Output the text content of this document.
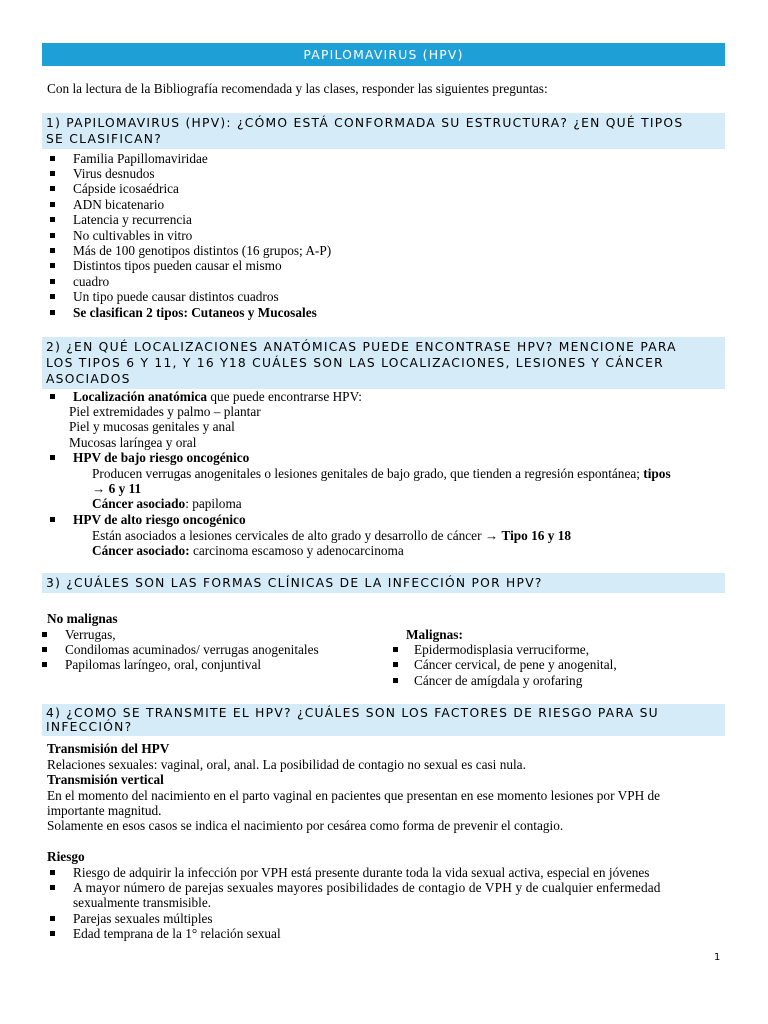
PAPILOMAVIRUS (HPV)
Con la lectura de la Bibliografía recomendada y las clases, responder las siguientes preguntas:
1) PAPILOMAVIRUS (HPV): ¿CÓMO ESTÁ CONFORMADA SU ESTRUCTURA? ¿EN QUÉ TIPOS
SE CLASIFICAN?
Familia Papillomaviridae
Virus desnudos
Cápside icosaédrica
ADN bicatenario
Latencia y recurrencia
No cultivables in vitro
Más de 100 genotipos distintos (16 grupos; A-P)
Distintos tipos pueden causar el mismo
cuadro
Un tipo puede causar distintos cuadros
Se clasifican 2 tipos: Cutaneos y Mucosales
2) ¿EN QUÉ LOCALIZACIONES ANATÓMICAS PUEDE ENCONTRASE HPV? MENCIONE PARA
LOS TIPOS 6 Y 11, Y 16 Y18 CUÁLES SON LAS LOCALIZACIONES, LESIONES Y CÁNCER
ASOCIADOS
Localización anatómica que puede encontrarse HPV:
Piel extremidades y palmo – plantar
Piel y mucosas genitales y anal
Mucosas laríngea y oral
HPV de bajo riesgo oncogénico
Producen verrugas anogenitales o lesiones genitales de bajo grado, que tienden a regresión espontánea; tipos
→ 6 y 11
Cáncer asociado: papiloma
HPV de alto riesgo oncogénico
Están asociados a lesiones cervicales de alto grado y desarrollo de cáncer → Tipo 16 y 18
Cáncer asociado: carcinoma escamoso y adenocarcinoma
3) ¿CUÁLES SON LAS FORMAS CLÍNICAS DE LA INFECCIÓN POR HPV?
No malignas
Verrugas,
Condilomas acuminados/ verrugas anogenitales
Papilomas laríngeo, oral, conjuntival
Malignas:
Epidermodisplasia verruciforme,
Cáncer cervical, de pene y anogenital,
Cáncer de amígdala y orofaring
4) ¿COMO SE TRANSMITE EL HPV? ¿CUÁLES SON LOS FACTORES DE RIESGO PARA SU
INFECCIÓN?
Transmisión del HPV
Relaciones sexuales: vaginal, oral, anal. La posibilidad de contagio no sexual es casi nula.
Transmisión vertical
En el momento del nacimiento en el parto vaginal en pacientes que presentan en ese momento lesiones por VPH de
importante magnitud.
Solamente en esos casos se indica el nacimiento por cesárea como forma de prevenir el contagio.
Riesgo
Riesgo de adquirir la infección por VPH está presente durante toda la vida sexual activa, especial en jóvenes
A mayor número de parejas sexuales mayores posibilidades de contagio de VPH y de cualquier enfermedad
sexualmente transmisible.
Parejas sexuales múltiples
Edad temprana de la 1° relación sexual
1
